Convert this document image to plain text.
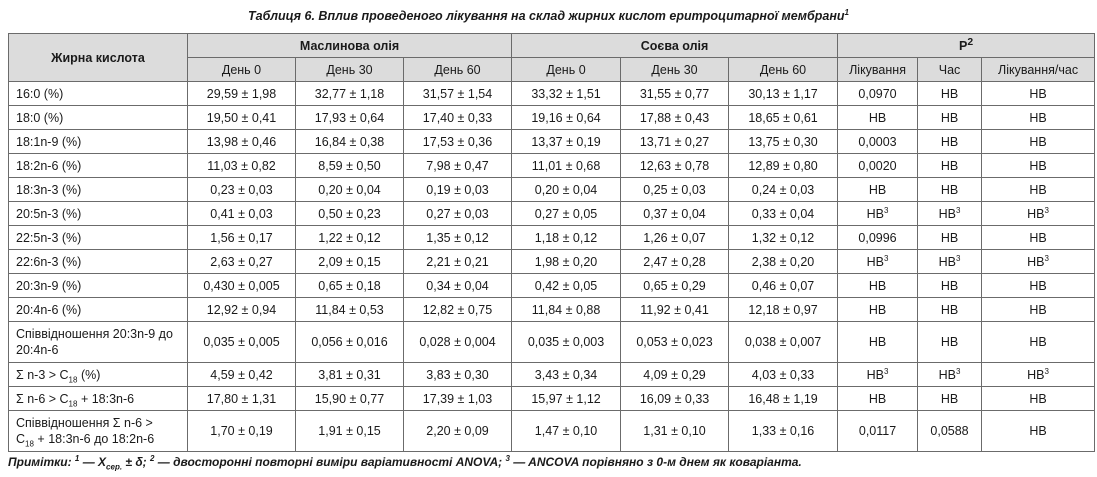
Таблиця 6. Вплив проведеного лікування на склад жирних кислот еритроцитарної мембрани$^1$
Жирна кислота	Маслинова олія			Соєва олія			$Р^2$
	День 0	День 30	День 60	День 0	День 30	День 60	Лікування	Час	Лікування/час
16:0 (%)	29,59 ± 1,98	32,77 ± 1,18	31,57 ± 1,54	33,32 ± 1,51	31,55 ± 0,77	30,13 ± 1,17	0,0970	НВ	НВ
18:0 (%)	19,50 ± 0,41	17,93 ± 0,64	17,40 ± 0,33	19,16 ± 0,64	17,88 ± 0,43	18,65 ± 0,61	НВ	НВ	НВ
18:1n-9 (%)	13,98 ± 0,46	16,84 ± 0,38	17,53 ± 0,36	13,37 ± 0,19	13,71 ± 0,27	13,75 ± 0,30	0,0003	НВ	НВ
18:2n-6 (%)	11,03 ± 0,82	8,59 ± 0,50	7,98 ± 0,47	11,01 ± 0,68	12,63 ± 0,78	12,89 ± 0,80	0,0020	НВ	НВ
18:3n-3 (%)	0,23 ± 0,03	0,20 ± 0,04	0,19 ± 0,03	0,20 ± 0,04	0,25 ± 0,03	0,24 ± 0,03	НВ	НВ	НВ
20:5n-3 (%)	0,41 ± 0,03	0,50 ± 0,23	0,27 ± 0,03	0,27 ± 0,05	0,37 ± 0,04	0,33 ± 0,04	$НВ^3$	$НВ^3$	$НВ^3$
22:5n-3 (%)	1,56 ± 0,17	1,22 ± 0,12	1,35 ± 0,12	1,18 ± 0,12	1,26 ± 0,07	1,32 ± 0,12	0,0996	НВ	НВ
22:6n-3 (%)	2,63 ± 0,27	2,09 ± 0,15	2,21 ± 0,21	1,98 ± 0,20	2,47 ± 0,28	2,38 ± 0,20	$НВ^3$	$НВ^3$	$НВ^3$
20:3n-9 (%)	0,430 ± 0,005	0,65 ± 0,18	0,34 ± 0,04	0,42 ± 0,05	0,65 ± 0,29	0,46 ± 0,07	НВ	НВ	НВ
20:4n-6 (%)	12,92 ± 0,94	11,84 ± 0,53	12,82 ± 0,75	11,84 ± 0,88	11,92 ± 0,41	12,18 ± 0,97	НВ	НВ	НВ
Співвідношення 20:3n-9 до 20:4n-6	0,035 ± 0,005	0,056 ± 0,016	0,028 ± 0,004	0,035 ± 0,003	0,053 ± 0,023	0,038 ± 0,007	НВ	НВ	НВ
Σ $n-3 > C_{18}$ (%)	4,59 ± 0,42	3,81 ± 0,31	3,83 ± 0,30	3,43 ± 0,34	4,09 ± 0,29	4,03 ± 0,33	$НВ^3$	$НВ^3$	$НВ^3$
Σ $n-6 > C_{18}$ + 18:3n-6	17,80 ± 1,31	15,90 ± 0,77	17,39 ± 1,03	15,97 ± 1,12	16,09 ± 0,33	16,48 ± 1,19	НВ	НВ	НВ
Співвідношення Σ n-6 >
$C_{18}$ + 18:3n-6 до 18:2n-6	1,70 ± 0,19	1,91 ± 0,15	2,20 ± 0,09	1,47 ± 0,10	1,31 ± 0,10	1,33 ± 0,16	0,0117	0,0588	НВ
Примітки: $^1$ — $X_{сер.} \pm \delta$; $^2$ — двосторонні повторні виміри варіативності ANOVA; $^3$ — ANCOVA порівняно з 0-м днем як коваріанта.
